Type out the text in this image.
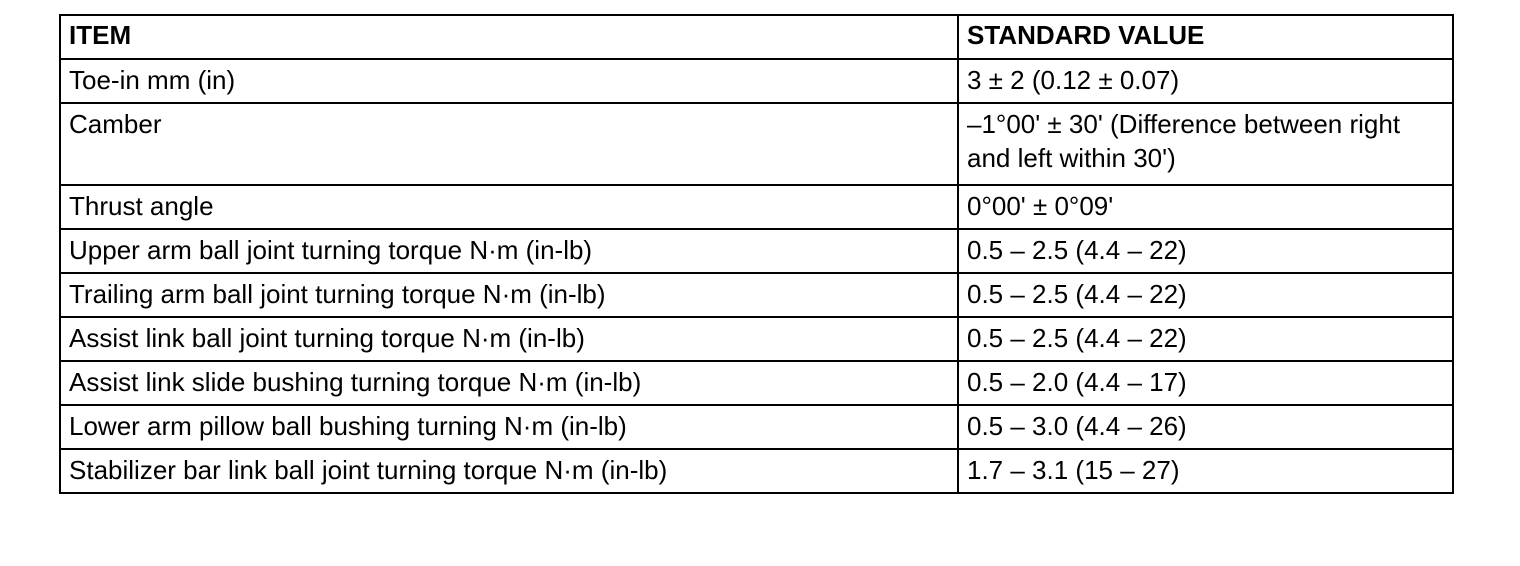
ITEM	STANDARD VALUE
Toe-in mm (in)	3 ± 2 (0.12 ± 0.07)
Camber	–1°00' ± 30' (Difference between right and left within 30')
Thrust angle	0°00' ± 0°09'
Upper arm ball joint turning torque N·m (in-lb)	0.5 – 2.5 (4.4 – 22)
Trailing arm ball joint turning torque N·m (in-lb)	0.5 – 2.5 (4.4 – 22)
Assist link ball joint turning torque N·m (in-lb)	0.5 – 2.5 (4.4 – 22)
Assist link slide bushing turning torque N·m (in-lb)	0.5 – 2.0 (4.4 – 17)
Lower arm pillow ball bushing turning N·m (in-lb)	0.5 – 3.0 (4.4 – 26)
Stabilizer bar link ball joint turning torque N·m (in-lb)	1.7 – 3.1 (15 – 27)
